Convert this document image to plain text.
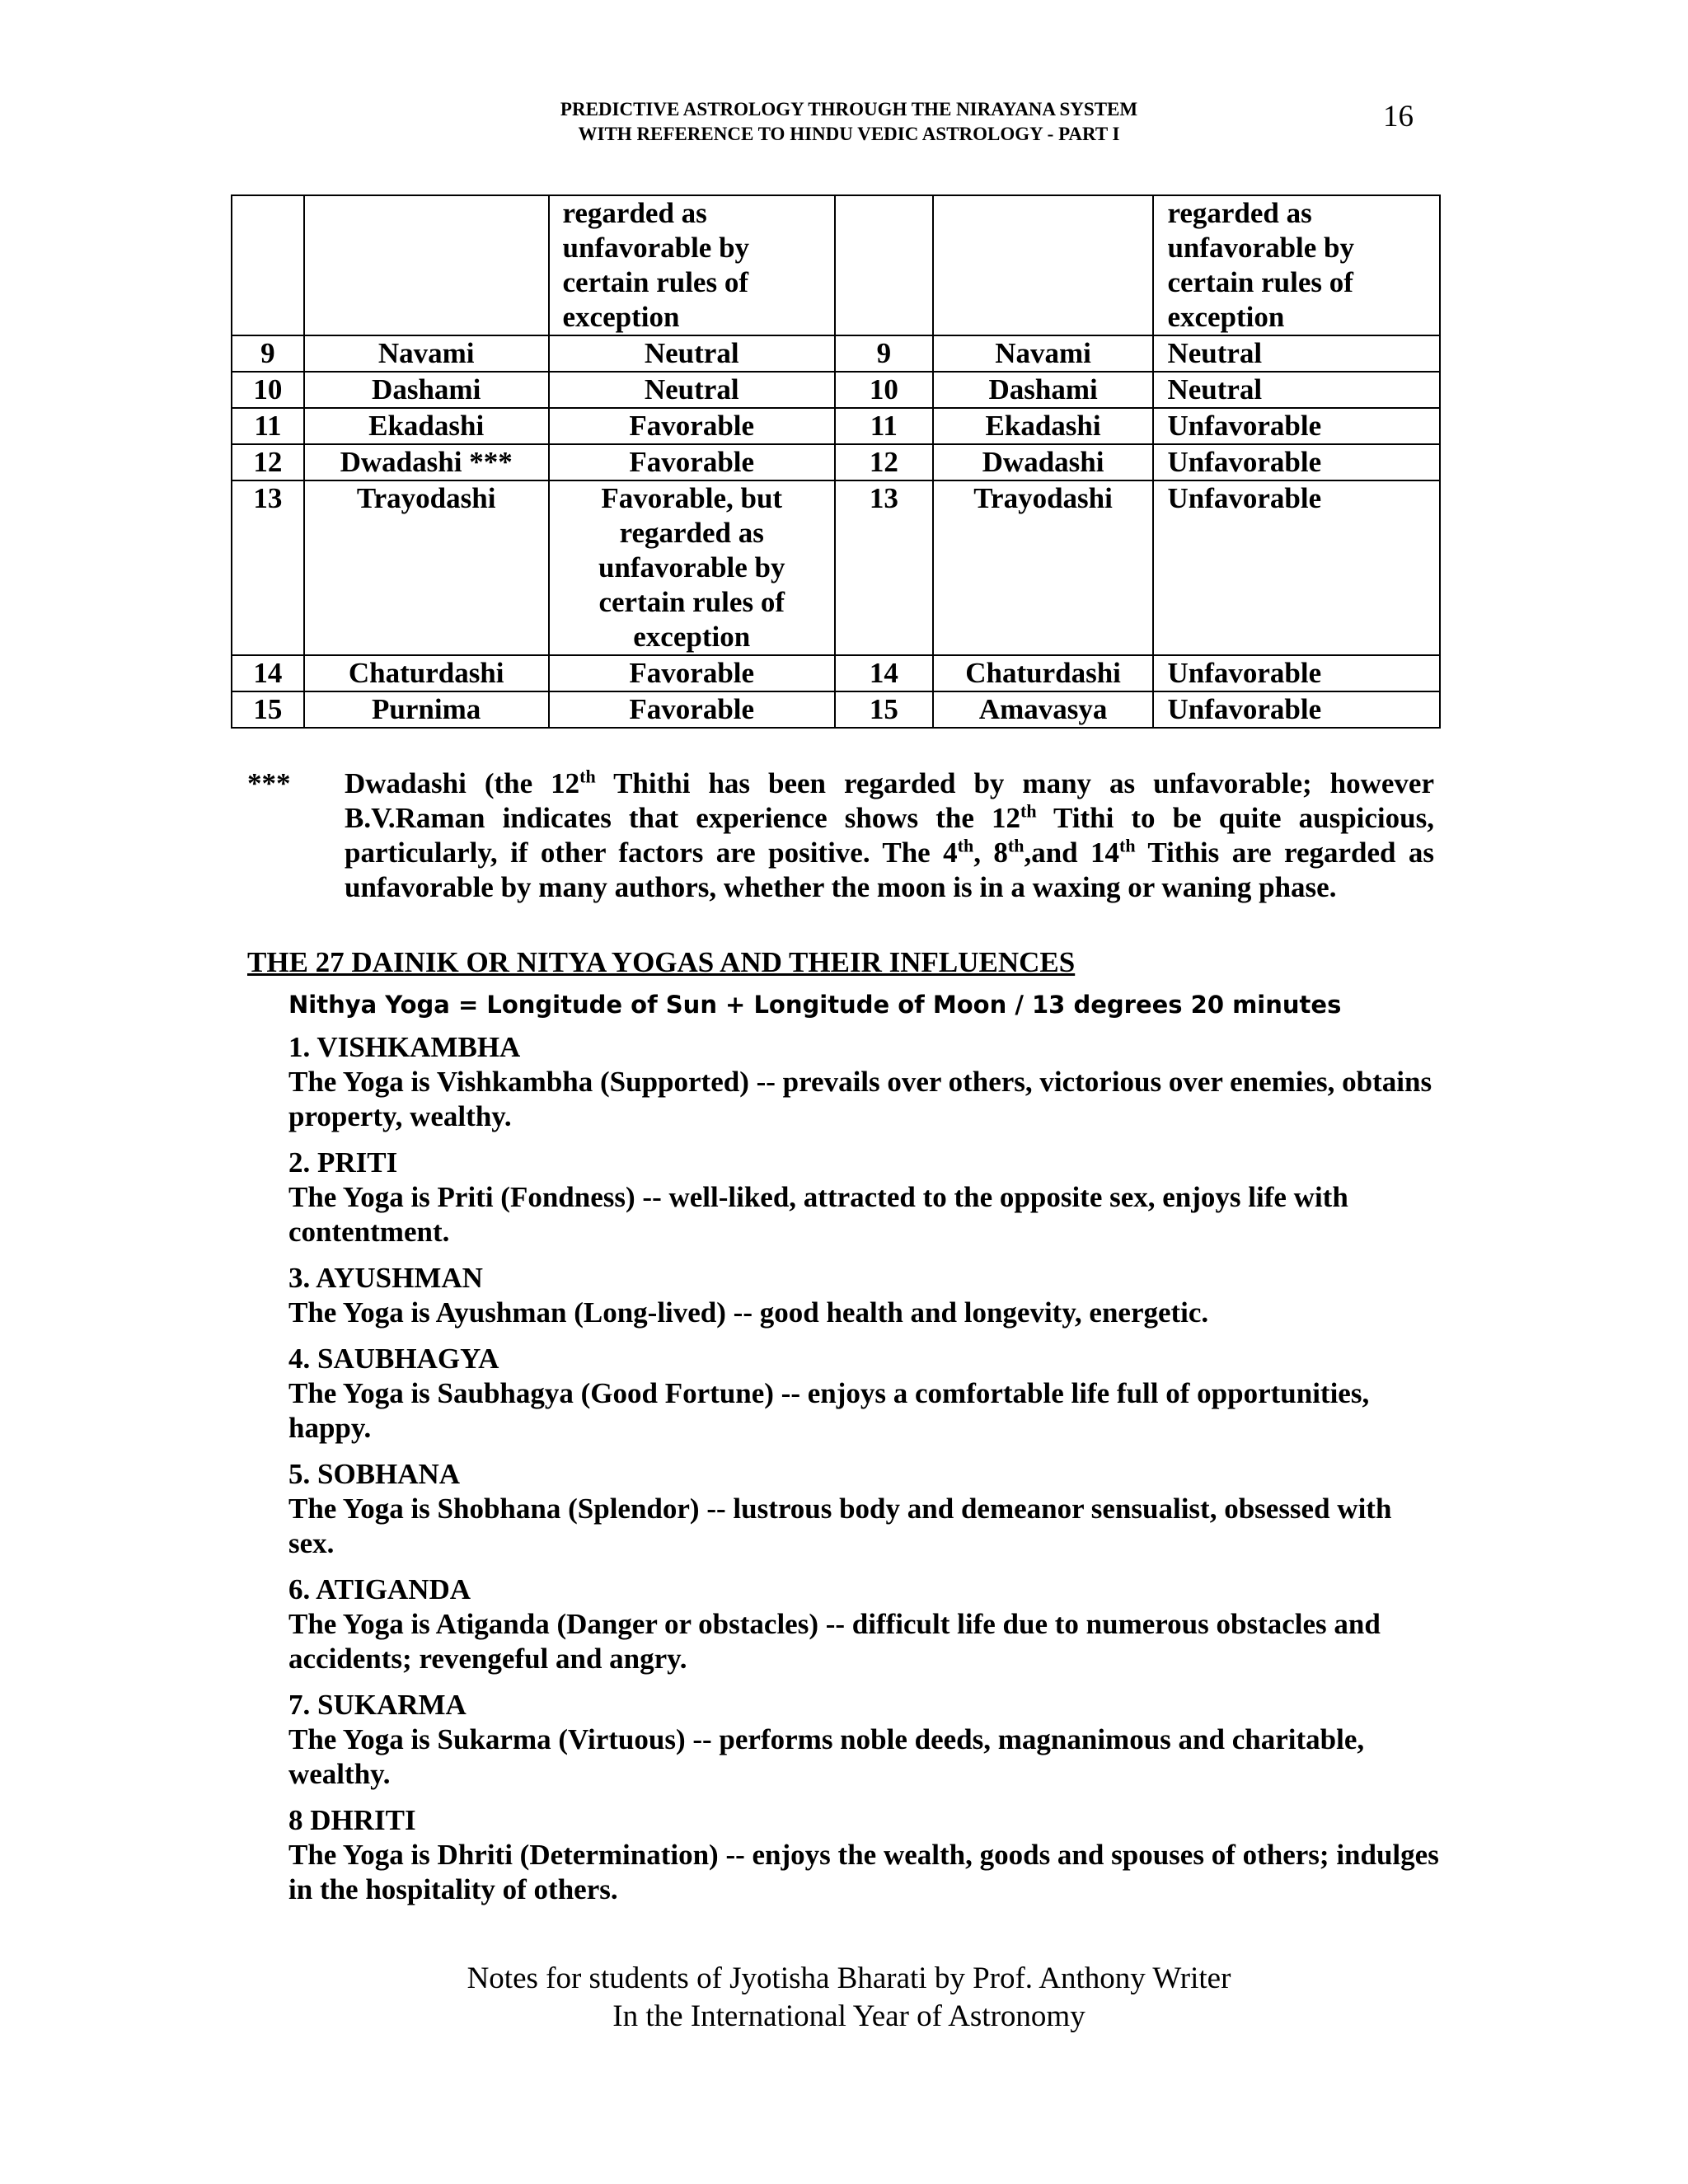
PREDICTIVE ASTROLOGY THROUGH THE NIRAYANA SYSTEM
WITH REFERENCE TO HINDU VEDIC ASTROLOGY - PART I
16
		regarded as unfavorable by certain rules of exception			regarded as unfavorable by certain rules of exception
9	Navami	Neutral	9	Navami	Neutral
10	Dashami	Neutral	10	Dashami	Neutral
11	Ekadashi	Favorable	11	Ekadashi	Unfavorable
12	Dwadashi ***	Favorable	12	Dwadashi	Unfavorable
13	Trayodashi	Favorable, but regarded as unfavorable by certain rules of exception	13	Trayodashi	Unfavorable
14	Chaturdashi	Favorable	14	Chaturdashi	Unfavorable
15	Purnima	Favorable	15	Amavasya	Unfavorable
*** Dwadashi (the 12th Thithi has been regarded by many as unfavorable; however B.V.Raman indicates that experience shows the 12th Tithi to be quite auspicious, particularly, if other factors are positive. The 4th, 8th,and 14th Tithis are regarded as unfavorable by many authors, whether the moon is in a waxing or waning phase.
THE 27 DAINIK OR NITYA YOGAS AND THEIR INFLUENCES
Nithya Yoga = Longitude of Sun + Longitude of Moon / 13 degrees 20 minutes
1. VISHKAMBHA
The Yoga is Vishkambha (Supported) -- prevails over others, victorious over enemies, obtains property, wealthy.
2. PRITI
The Yoga is Priti (Fondness) -- well-liked, attracted to the opposite sex, enjoys life with contentment.
3. AYUSHMAN
The Yoga is Ayushman (Long-lived) -- good health and longevity, energetic.
4. SAUBHAGYA
The Yoga is Saubhagya (Good Fortune) -- enjoys a comfortable life full of opportunities, happy.
5. SOBHANA
The Yoga is Shobhana (Splendor) -- lustrous body and demeanor sensualist, obsessed with sex.
6. ATIGANDA
The Yoga is Atiganda (Danger or obstacles) -- difficult life due to numerous obstacles and accidents; revengeful and angry.
7. SUKARMA
The Yoga is Sukarma (Virtuous) -- performs noble deeds, magnanimous and charitable, wealthy.
8 DHRITI
The Yoga is Dhriti (Determination) -- enjoys the wealth, goods and spouses of others; indulges in the hospitality of others.
Notes for students of Jyotisha Bharati by Prof. Anthony Writer
In the International Year of Astronomy
